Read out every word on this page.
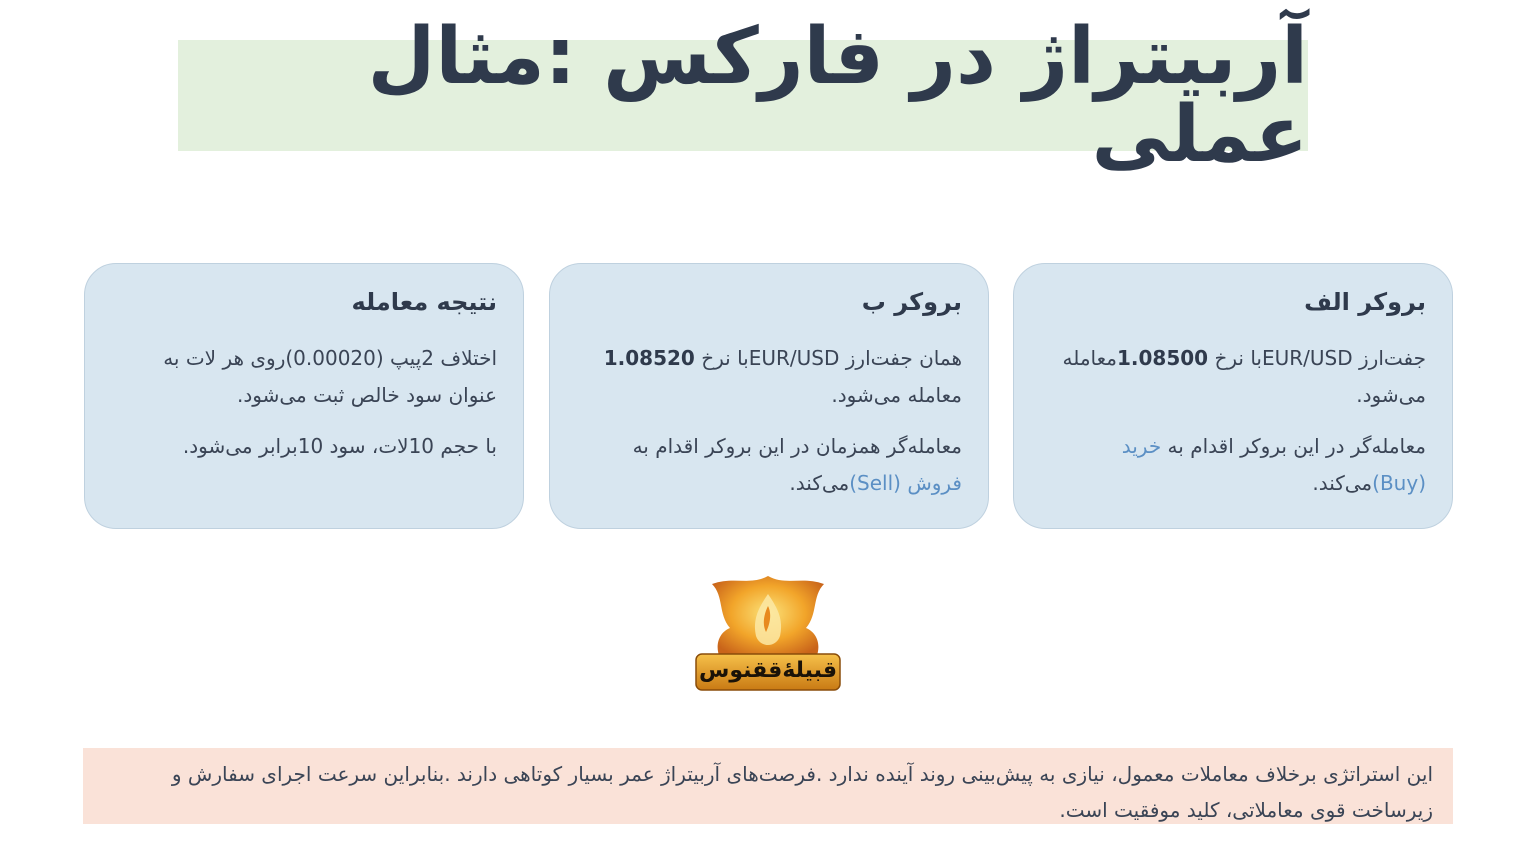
آربیتراژ در فارکس :مثال عملی
بروکر الف

جفت‌ارز EUR/USDبا نرخ 1.08500معامله می‌شود.

معامله‌گر در این بروکر اقدام به خرید (Buy)می‌کند.

بروکر ب

همان جفت‌ارز EUR/USDبا نرخ 1.08520 معامله می‌شود.

معامله‌گر همزمان در این بروکر اقدام به فروش (Sell)می‌کند.

نتیجه معامله

اختلاف 2پیپ (0.00020)روی هر لات به عنوان سود خالص ثبت می‌شود.

با حجم 10لات، سود 10برابر می‌شود.

قبیلهٔ‌ققنوس

این استراتژی برخلاف معاملات معمول، نیازی به پیش‌بینی روند آینده ندارد .فرصت‌های آربیتراژ عمر بسیار کوتاهی دارند .بنابراین سرعت اجرای سفارش و زیرساخت قوی معاملاتی، کلید موفقیت است.
